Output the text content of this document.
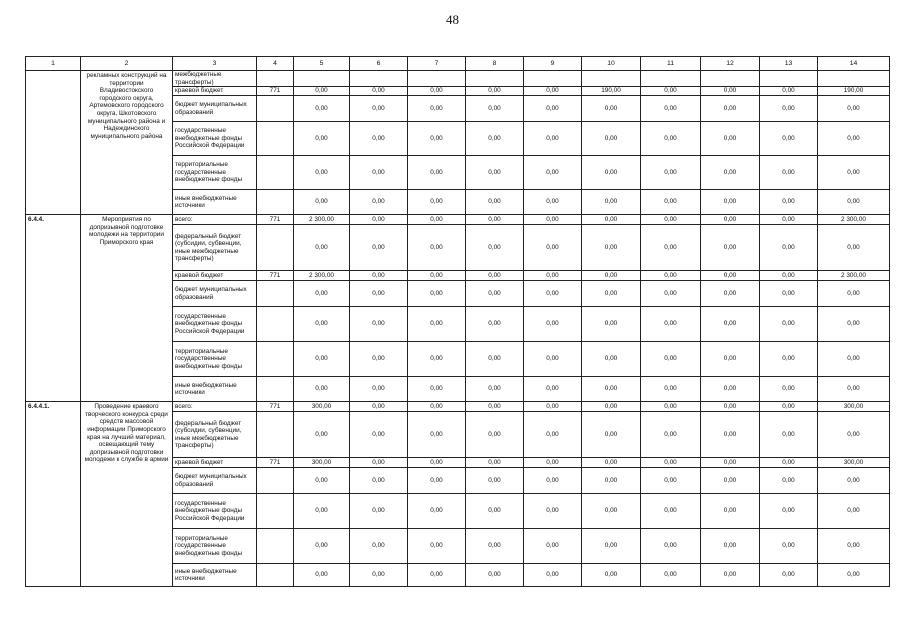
48
1	2	3	4	5	6	7	8	9	10	11	12	13	14
	рекламных конструкций на территории Владивостокского городского округа, Артемовского городского округа, Шкотовского муниципального района и Надеждинского муниципального района	межбюджетные трансферты)											
		краевой бюджет	771	0,00	0,00	0,00	0,00	0,00	190,00	0,00	0,00	0,00	190,00
		бюджет муниципальных образований		0,00	0,00	0,00	0,00	0,00	0,00	0,00	0,00	0,00	0,00
		государственные внебюджетные фонды Российской Федерации		0,00	0,00	0,00	0,00	0,00	0,00	0,00	0,00	0,00	0,00
		территориальные государственные внебюджетные фонды		0,00	0,00	0,00	0,00	0,00	0,00	0,00	0,00	0,00	0,00
		иные внебюджетные источники		0,00	0,00	0,00	0,00	0,00	0,00	0,00	0,00	0,00	0,00
6.4.4.	Мероприятия по допризывной подготовке молодежи на территории Приморского края	всего:	771	2 300,00	0,00	0,00	0,00	0,00	0,00	0,00	0,00	0,00	2 300,00
		федеральный бюджет (субсидии, субвенции, иные межбюджетные трансферты)		0,00	0,00	0,00	0,00	0,00	0,00	0,00	0,00	0,00	0,00
		краевой бюджет	771	2 300,00	0,00	0,00	0,00	0,00	0,00	0,00	0,00	0,00	2 300,00
		бюджет муниципальных образований		0,00	0,00	0,00	0,00	0,00	0,00	0,00	0,00	0,00	0,00
		государственные внебюджетные фонды Российской Федерации		0,00	0,00	0,00	0,00	0,00	0,00	0,00	0,00	0,00	0,00
		территориальные государственные внебюджетные фонды		0,00	0,00	0,00	0,00	0,00	0,00	0,00	0,00	0,00	0,00
		иные внебюджетные источники		0,00	0,00	0,00	0,00	0,00	0,00	0,00	0,00	0,00	0,00
6.4.4.1.	Проведение краевого творческого конкурса среди средств массовой информации Приморского края на лучший материал, освещающий тему допризывной подготовки молодежи к службе в армии	всего:	771	300,00	0,00	0,00	0,00	0,00	0,00	0,00	0,00	0,00	300,00
		федеральный бюджет (субсидии, субвенции, иные межбюджетные трансферты)		0,00	0,00	0,00	0,00	0,00	0,00	0,00	0,00	0,00	0,00
		краевой бюджет	771	300,00	0,00	0,00	0,00	0,00	0,00	0,00	0,00	0,00	300,00
		бюджет муниципальных образований		0,00	0,00	0,00	0,00	0,00	0,00	0,00	0,00	0,00	0,00
		государственные внебюджетные фонды Российской Федерации		0,00	0,00	0,00	0,00	0,00	0,00	0,00	0,00	0,00	0,00
		территориальные государственные внебюджетные фонды		0,00	0,00	0,00	0,00	0,00	0,00	0,00	0,00	0,00	0,00
		иные внебюджетные источники		0,00	0,00	0,00	0,00	0,00	0,00	0,00	0,00	0,00	0,00
